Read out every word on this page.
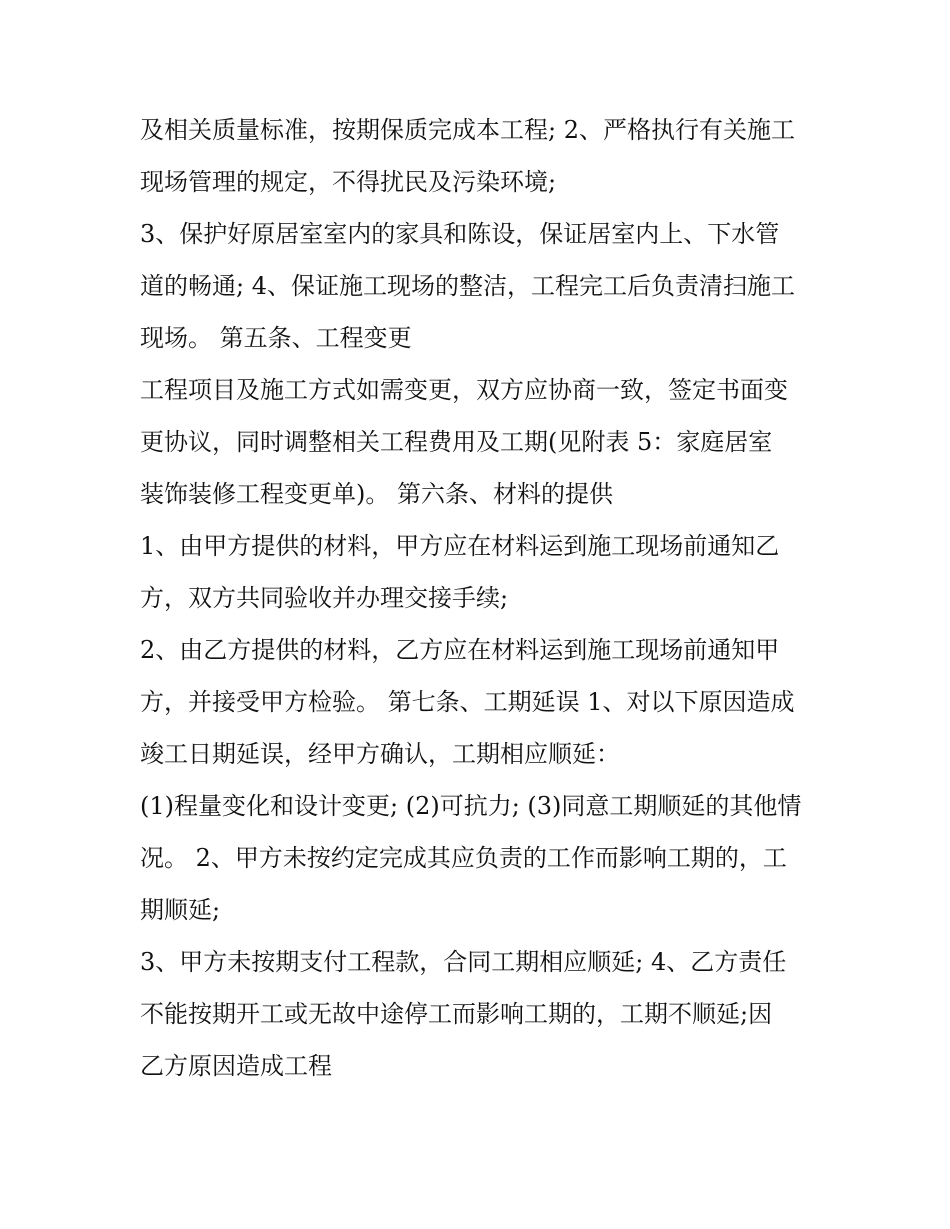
及相关质量标准，按期保质完成本工程; 2、严格执行有关施工
现场管理的规定，不得扰民及污染环境;
3、保护好原居室室内的家具和陈设，保证居室内上、下水管
道的畅通; 4、保证施工现场的整洁，工程完工后负责清扫施工
现场。 第五条、工程变更
工程项目及施工方式如需变更，双方应协商一致，签定书面变
更协议，同时调整相关工程费用及工期(见附表 5：家庭居室
装饰装修工程变更单)。 第六条、材料的提供
1、由甲方提供的材料，甲方应在材料运到施工现场前通知乙
方，双方共同验收并办理交接手续;
2、由乙方提供的材料，乙方应在材料运到施工现场前通知甲
方，并接受甲方检验。 第七条、工期延误 1、对以下原因造成
竣工日期延误，经甲方确认，工期相应顺延：
(1)程量变化和设计变更; (2)可抗力; (3)同意工期顺延的其他情
况。 2、甲方未按约定完成其应负责的工作而影响工期的，工
期顺延;
3、甲方未按期支付工程款，合同工期相应顺延; 4、乙方责任
不能按期开工或无故中途停工而影响工期的，工期不顺延;因
乙方原因造成工程
